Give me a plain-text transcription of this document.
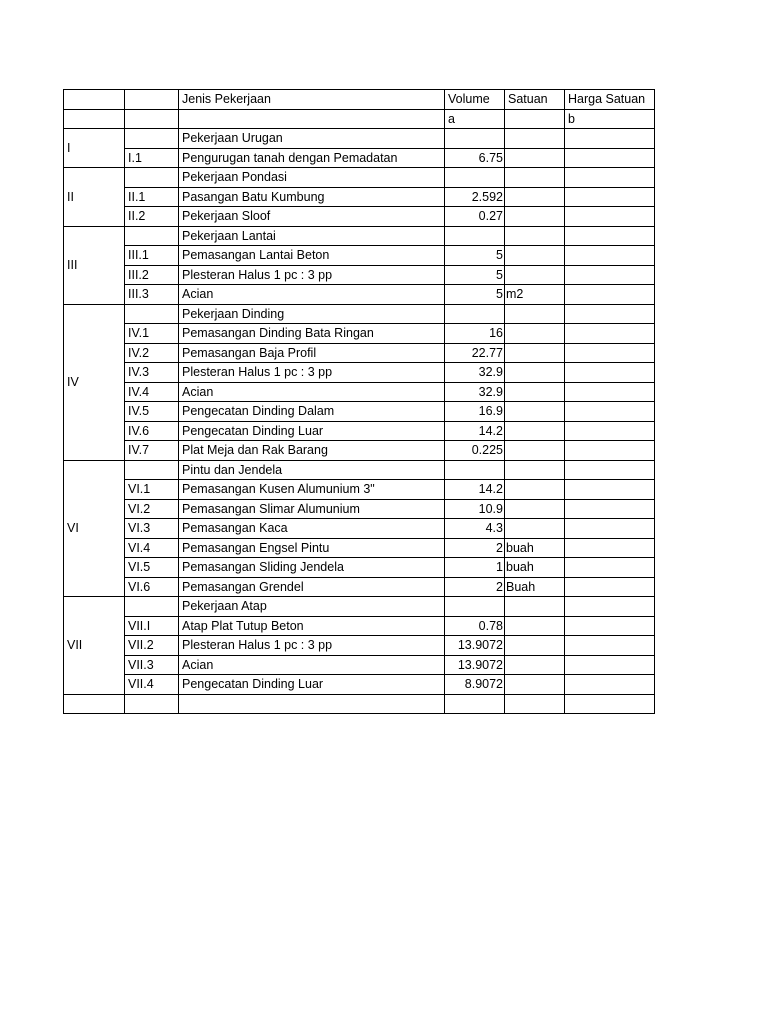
		Jenis Pekerjaan	Volume	Satuan	Harga Satuan
			a		b
I		Pekerjaan Urugan			
	I.1	Pengurugan tanah dengan Pemadatan	6.75		
II		Pekerjaan Pondasi			
	II.1	Pasangan Batu Kumbung	2.592		
	II.2	Pekerjaan Sloof	0.27		
III		Pekerjaan Lantai			
	III.1	Pemasangan Lantai Beton	5		
	III.2	Plesteran Halus 1 pc : 3 pp	5		
	III.3	Acian	5	m2	
IV		Pekerjaan Dinding			
	IV.1	Pemasangan Dinding Bata Ringan	16		
	IV.2	Pemasangan Baja Profil	22.77		
	IV.3	Plesteran Halus 1 pc : 3 pp	32.9		
	IV.4	Acian	32.9		
	IV.5	Pengecatan Dinding Dalam	16.9		
	IV.6	Pengecatan Dinding Luar	14.2		
	IV.7	Plat Meja dan Rak Barang	0.225		
VI		Pintu dan Jendela			
	VI.1	Pemasangan Kusen Alumunium 3"	14.2		
	VI.2	Pemasangan Slimar Alumunium	10.9		
	VI.3	Pemasangan Kaca	4.3		
	VI.4	Pemasangan Engsel Pintu	2	buah	
	VI.5	Pemasangan Sliding Jendela	1	buah	
	VI.6	Pemasangan Grendel	2	Buah	
VII		Pekerjaan Atap			
	VII.I	Atap Plat Tutup Beton	0.78		
	VII.2	Plesteran Halus 1 pc : 3 pp	13.9072		
	VII.3	Acian	13.9072		
	VII.4	Pengecatan Dinding Luar	8.9072		
